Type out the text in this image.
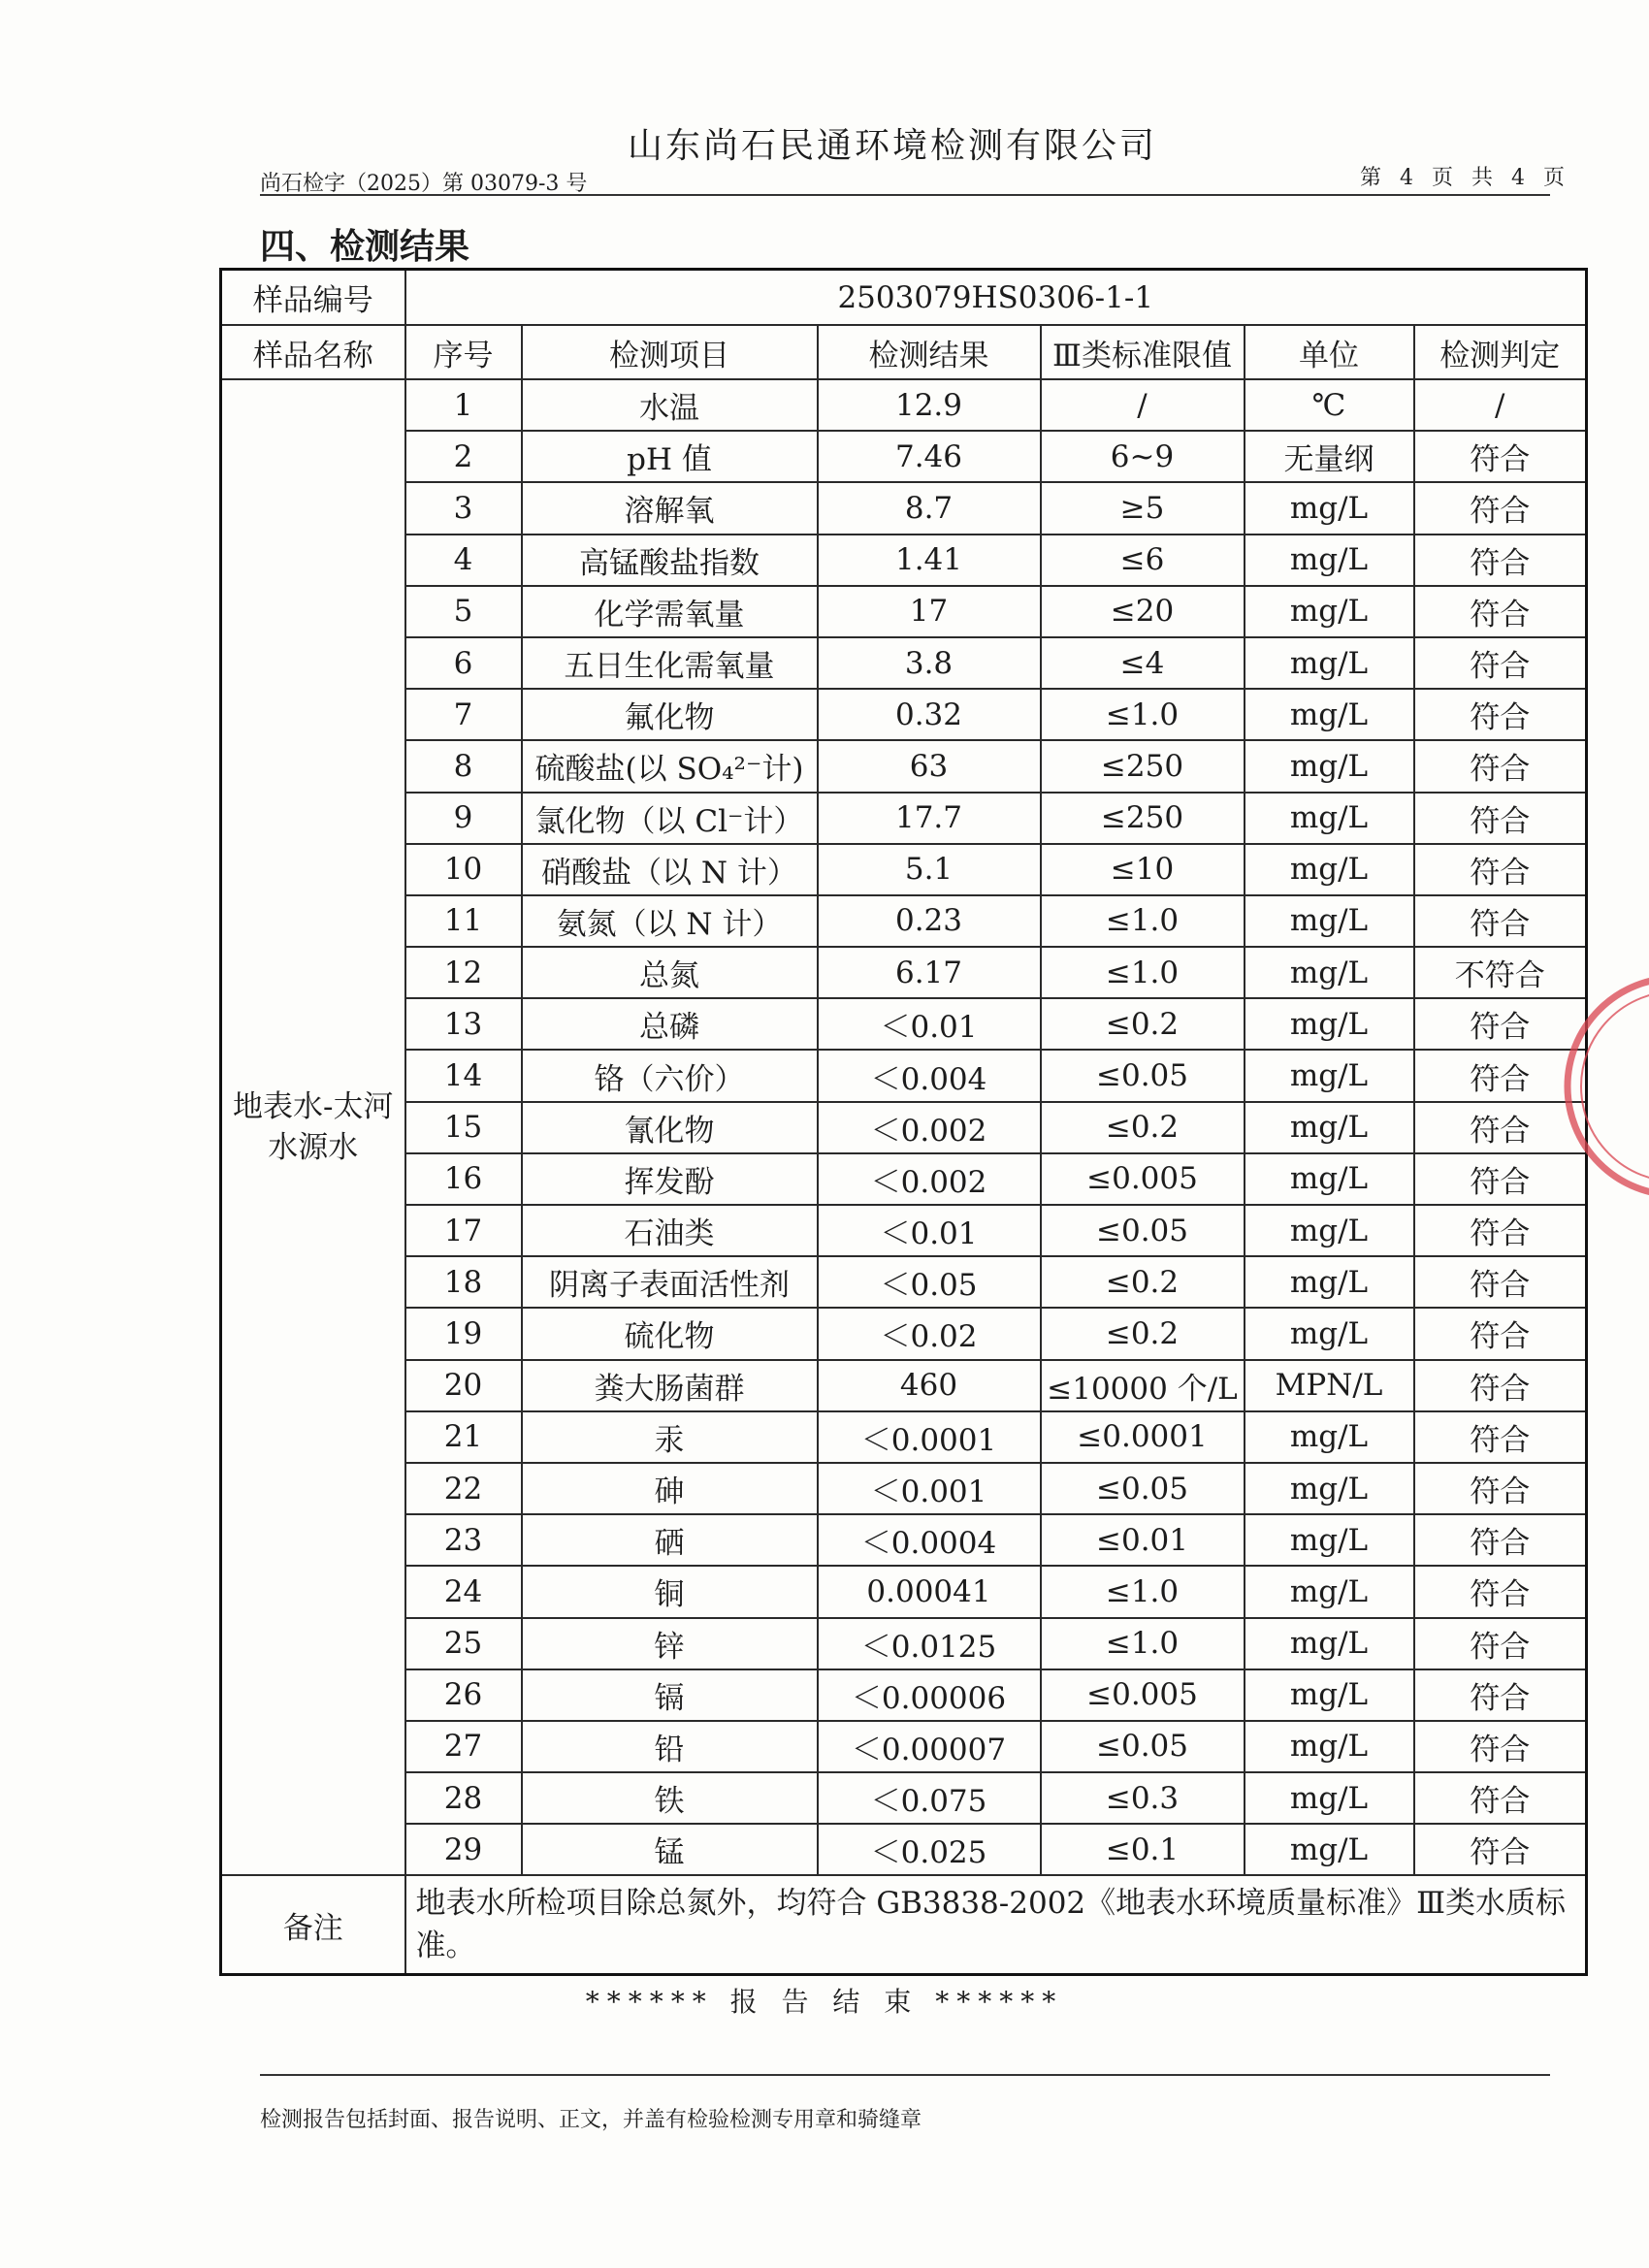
山东尚石民通环境检测有限公司
尚石检字（2025）第 03079-3 号	第 4 页 共 4 页
四、检测结果
样品编号	2503079HS0306-1-1					
样品名称	序号	检测项目	检测结果	Ⅲ类标准限值	单位	检测判定
地表水-太河水源水	1	水温	12.9	/	℃	/
	2	pH 值	7.46	6~9	无量纲	符合
	3	溶解氧	8.7	≥5	mg/L	符合
	4	高锰酸盐指数	1.41	≤6	mg/L	符合
	5	化学需氧量	17	≤20	mg/L	符合
	6	五日生化需氧量	3.8	≤4	mg/L	符合
	7	氟化物	0.32	≤1.0	mg/L	符合
	8	硫酸盐(以 SO₄²⁻计)	63	≤250	mg/L	符合
	9	氯化物（以 Cl⁻计）	17.7	≤250	mg/L	符合
	10	硝酸盐（以 N 计）	5.1	≤10	mg/L	符合
	11	氨氮（以 N 计）	0.23	≤1.0	mg/L	符合
	12	总氮	6.17	≤1.0	mg/L	不符合
	13	总磷	＜0.01	≤0.2	mg/L	符合
	14	铬（六价）	＜0.004	≤0.05	mg/L	符合
	15	氰化物	＜0.002	≤0.2	mg/L	符合
	16	挥发酚	＜0.002	≤0.005	mg/L	符合
	17	石油类	＜0.01	≤0.05	mg/L	符合
	18	阴离子表面活性剂	＜0.05	≤0.2	mg/L	符合
	19	硫化物	＜0.02	≤0.2	mg/L	符合
	20	粪大肠菌群	460	≤10000 个/L	MPN/L	符合
	21	汞	＜0.0001	≤0.0001	mg/L	符合
	22	砷	＜0.001	≤0.05	mg/L	符合
	23	硒	＜0.0004	≤0.01	mg/L	符合
	24	铜	0.00041	≤1.0	mg/L	符合
	25	锌	＜0.0125	≤1.0	mg/L	符合
	26	镉	＜0.00006	≤0.005	mg/L	符合
	27	铅	＜0.00007	≤0.05	mg/L	符合
	28	铁	＜0.075	≤0.3	mg/L	符合
	29	锰	＜0.025	≤0.1	mg/L	符合
备注	地表水所检项目除总氮外，均符合 GB3838-2002《地表水环境质量标准》Ⅲ类水质标准。					
****** 报 告 结 束 ******
检测报告包括封面、报告说明、正文，并盖有检验检测专用章和骑缝章
